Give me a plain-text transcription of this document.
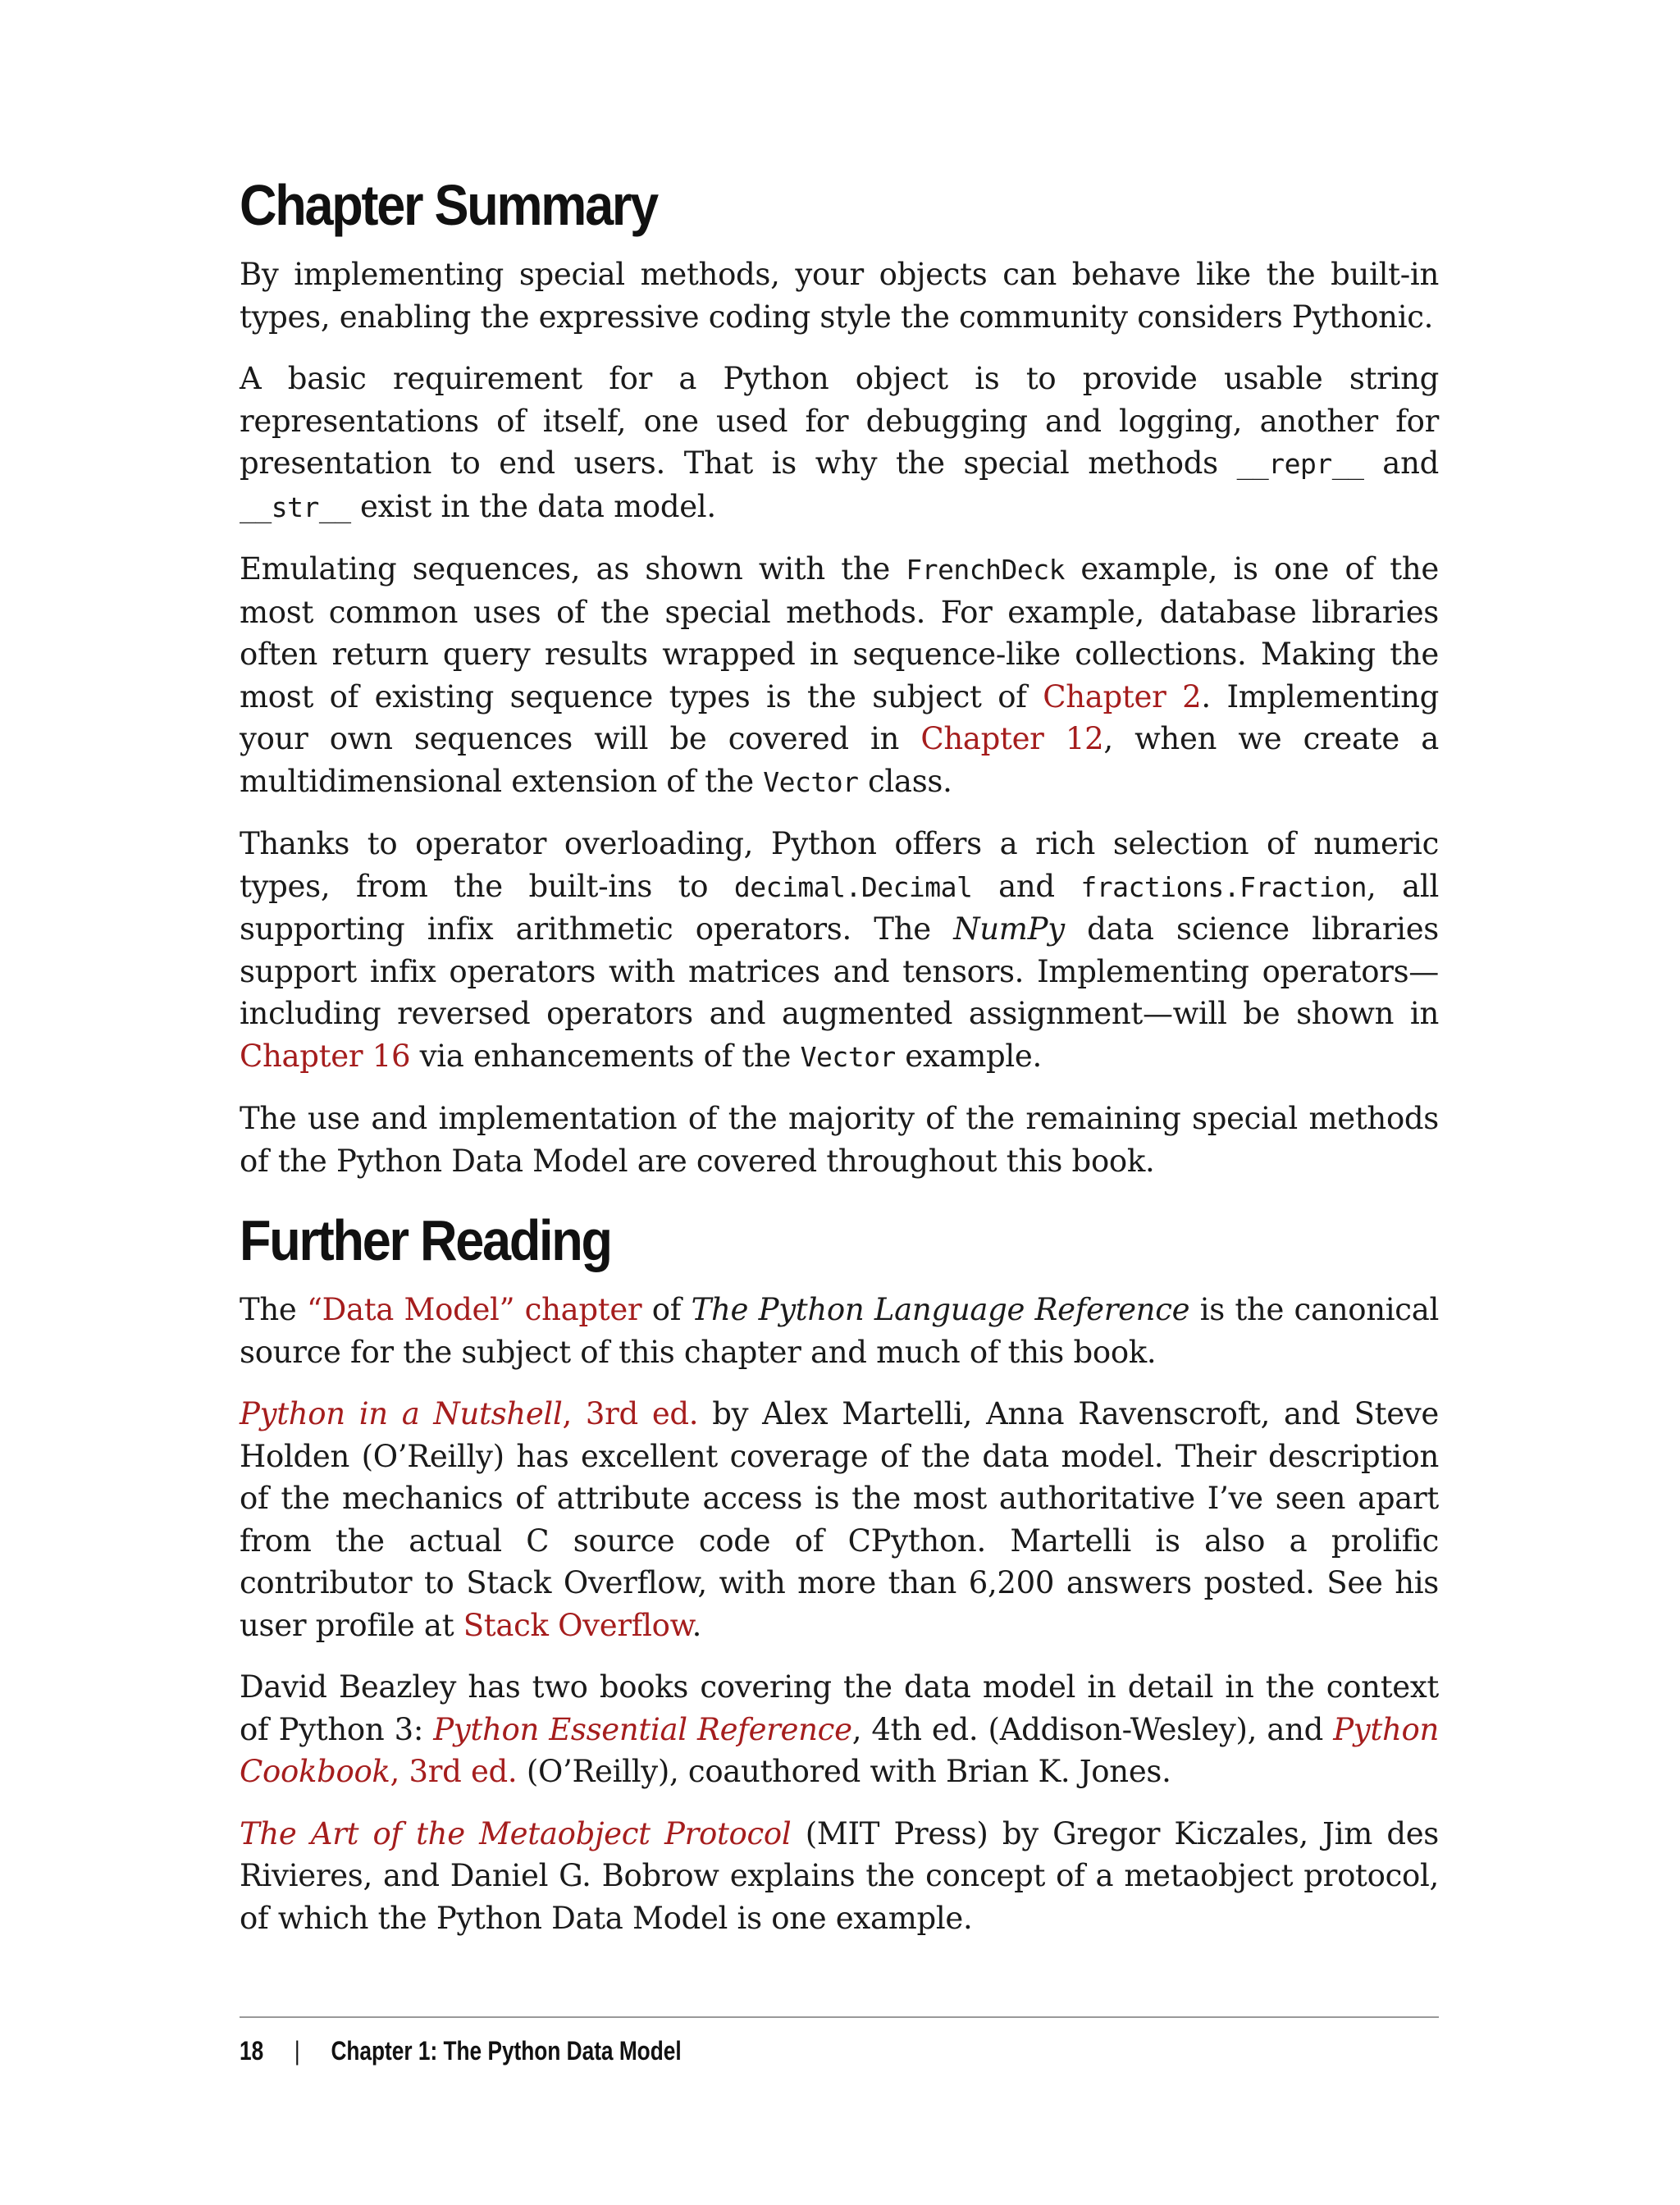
Chapter Summary

By implementing special methods, your objects can behave like the built-in types, enabling the expressive coding style the community considers Pythonic.

A basic requirement for a Python object is to provide usable string representations of itself, one used for debugging and logging, another for presentation to end users. That is why the special methods __repr__ and __str__ exist in the data model.

Emulating sequences, as shown with the FrenchDeck example, is one of the most common uses of the special methods. For example, database libraries often return query results wrapped in sequence-like collections. Making the most of existing sequence types is the subject of Chapter 2. Implementing your own sequences will be covered in Chapter 12, when we create a multidimensional extension of the Vector class.

Thanks to operator overloading, Python offers a rich selection of numeric types, from the built-ins to decimal.Decimal and fractions.Fraction, all supporting infix arithmetic operators. The NumPy data science libraries support infix operators with matrices and tensors. Implementing operators—including reversed operators and augmented assignment—will be shown in Chapter 16 via enhancements of the Vector example.

The use and implementation of the majority of the remaining special methods of the Python Data Model are covered throughout this book.

Further Reading

The “Data Model” chapter of The Python Language Reference is the canonical source for the subject of this chapter and much of this book.

Python in a Nutshell, 3rd ed. by Alex Martelli, Anna Ravenscroft, and Steve Holden (O’Reilly) has excellent coverage of the data model. Their description of the mechanics of attribute access is the most authoritative I’ve seen apart from the actual C source code of CPython. Martelli is also a prolific contributor to Stack Overflow, with more than 6,200 answers posted. See his user profile at Stack Overflow.

David Beazley has two books covering the data model in detail in the context of Python 3: Python Essential Reference, 4th ed. (Addison-Wesley), and Python Cookbook, 3rd ed. (O’Reilly), coauthored with Brian K. Jones.

The Art of the Metaobject Protocol (MIT Press) by Gregor Kiczales, Jim des Rivieres, and Daniel G. Bobrow explains the concept of a metaobject protocol, of which the Python Data Model is one example.

18 | Chapter 1: The Python Data Model
